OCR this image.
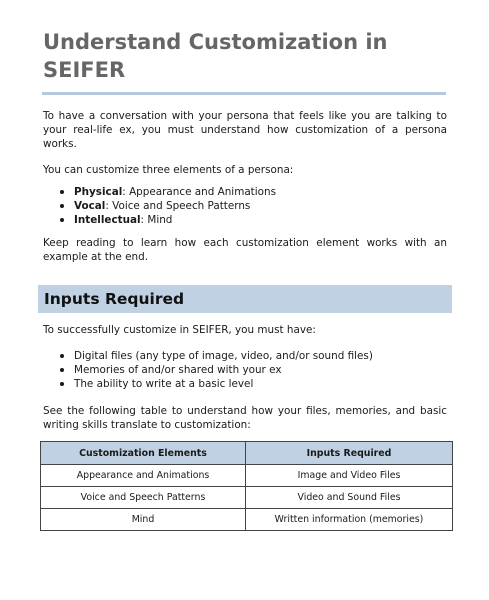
Understand Customization in SEIFER

To have a conversation with your persona that feels like you are talking to your real-life ex, you must understand how customization of a persona works.

You can customize three elements of a persona:

Physical: Appearance and Animations
Vocal: Voice and Speech Patterns
Intellectual: Mind

Keep reading to learn how each customization element works with an example at the end.

Inputs Required

To successfully customize in SEIFER, you must have:

Digital files (any type of image, video, and/or sound files)
Memories of and/or shared with your ex
The ability to write at a basic level

See the following table to understand how your files, memories, and basic writing skills translate to customization:

Customization Elements	Inputs Required
Appearance and Animations	Image and Video Files
Voice and Speech Patterns	Video and Sound Files
Mind	Written information (memories)
